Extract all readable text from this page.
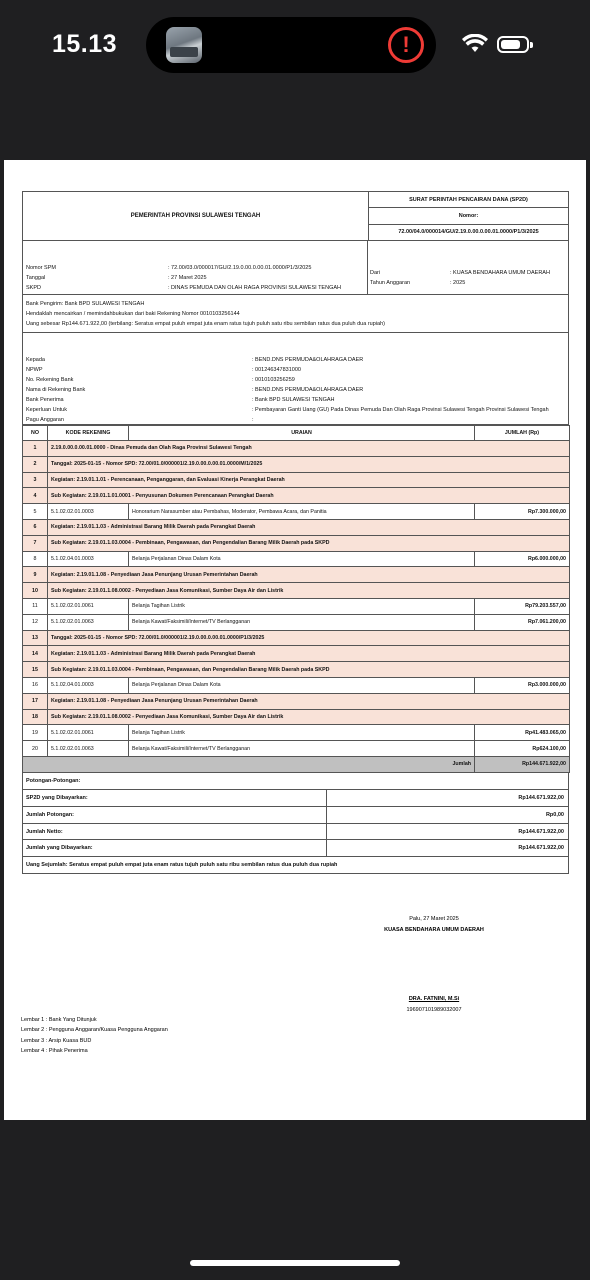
15.13	!
PEMERINTAH PROVINSI SULAWESI TENGAH
SURAT PERINTAH PENCAIRAN DANA (SP2D)
Nomor:
72.00/04.0/000014/GU/2.19.0.00.0.00.01.0000/P1/3/2025
Nomor SPM	: 72.00/03.0/000017/GU/2.19.0.00.0.00.01.0000/P1/3/2025
Tanggal	: 27 Maret 2025
SKPD	: DINAS PEMUDA DAN OLAH RAGA PROVINSI SULAWESI TENGAH
Dari	: KUASA BENDAHARA UMUM DAERAH
Tahun Anggaran	: 2025
Bank Pengirim: Bank BPD SULAWESI TENGAH
Hendaklah mencairkan / memindahbukukan dari baki Rekening Nomor 0010103256144
Uang sebesar Rp144.671.922,00 (terbilang: Seratus empat puluh empat juta enam ratus tujuh puluh satu ribu sembilan ratus dua puluh dua rupiah)
Kepada	: BEND.DNS PERMUDA&OLAHRAGA DAER
NPWP	: 001246347831000
No. Rekening Bank	: 0010103256259
Nama di Rekening Bank	: BEND.DNS PERMUDA&OLAHRAGA DAER
Bank Penerima	: Bank BPD SULAWESI TENGAH
Keperluan Untuk	: Pembayaran Ganti Uang (GU) Pada Dinas Pemuda Dan Olah Raga Provinsi Sulawesi Tengah Provinsi Sulawesi Tengah
Pagu Anggaran	:
NO	KODE REKENING	URAIAN	JUMLAH (Rp)
1	2.19.0.00.0.00.01.0000 - Dinas Pemuda dan Olah Raga Provinsi Sulawesi Tengah		
2	Tanggal: 2025-01-15 - Nomor SPD: 72.00/01.0/000001/2.19.0.00.0.00.01.0000/M/1/2025		
3	Kegiatan: 2.19.01.1.01 - Perencanaan, Penganggaran, dan Evaluasi Kinerja Perangkat Daerah		
4	Sub Kegiatan: 2.19.01.1.01.0001 - Penyusunan Dokumen Perencanaan Perangkat Daerah		
5	5.1.02.02.01.0003	Honorarium Narasumber atau Pembahas, Moderator, Pembawa Acara, dan Panitia	Rp7.300.000,00
6	Kegiatan: 2.19.01.1.03 - Administrasi Barang Milik Daerah pada Perangkat Daerah		
7	Sub Kegiatan: 2.19.01.1.03.0004 - Pembinaan, Pengawasan, dan Pengendalian Barang Milik Daerah pada SKPD		
8	5.1.02.04.01.0003	Belanja Perjalanan Dinas Dalam Kota	Rp6.000.000,00
9	Kegiatan: 2.19.01.1.08 - Penyediaan Jasa Penunjang Urusan Pemerintahan Daerah		
10	Sub Kegiatan: 2.19.01.1.08.0002 - Penyediaan Jasa Komunikasi, Sumber Daya Air dan Listrik		
11	5.1.02.02.01.0061	Belanja Tagihan Listrik	Rp79.203.557,00
12	5.1.02.02.01.0063	Belanja Kawat/Faksimili/Internet/TV Berlangganan	Rp7.061.200,00
13	Tanggal: 2025-01-15 - Nomor SPD: 72.00/01.0/000001/2.19.0.00.0.00.01.0000/P1/3/2025		
14	Kegiatan: 2.19.01.1.03 - Administrasi Barang Milik Daerah pada Perangkat Daerah		
15	Sub Kegiatan: 2.19.01.1.03.0004 - Pembinaan, Pengawasan, dan Pengendalian Barang Milik Daerah pada SKPD		
16	5.1.02.04.01.0003	Belanja Perjalanan Dinas Dalam Kota	Rp3.000.000,00
17	Kegiatan: 2.19.01.1.08 - Penyediaan Jasa Penunjang Urusan Pemerintahan Daerah		
18	Sub Kegiatan: 2.19.01.1.08.0002 - Penyediaan Jasa Komunikasi, Sumber Daya Air dan Listrik		
19	5.1.02.02.01.0061	Belanja Tagihan Listrik	Rp41.483.065,00
20	5.1.02.02.01.0063	Belanja Kawat/Faksimili/Internet/TV Berlangganan	Rp624.100,00
Jumlah			Rp144.671.922,00
Potongan-Potongan:
SP2D yang Dibayarkan:	Rp144.671.922,00
Jumlah Potongan:	Rp0,00
Jumlah Netto:	Rp144.671.922,00
Jumlah yang Dibayarkan:	Rp144.671.922,00
Uang Sejumlah: Seratus empat puluh empat juta enam ratus tujuh puluh satu ribu sembilan ratus dua puluh dua rupiah
Palu, 27 Maret 2025
KUASA BENDAHARA UMUM DAERAH
DRA. FATNINI, M.Si
196907101989032007
Lembar 1 : Bank Yang Ditunjuk
Lembar 2 : Pengguna Anggaran/Kuasa Pengguna Anggaran
Lembar 3 : Arsip Kuasa BUD
Lembar 4 : Pihak Penerima
